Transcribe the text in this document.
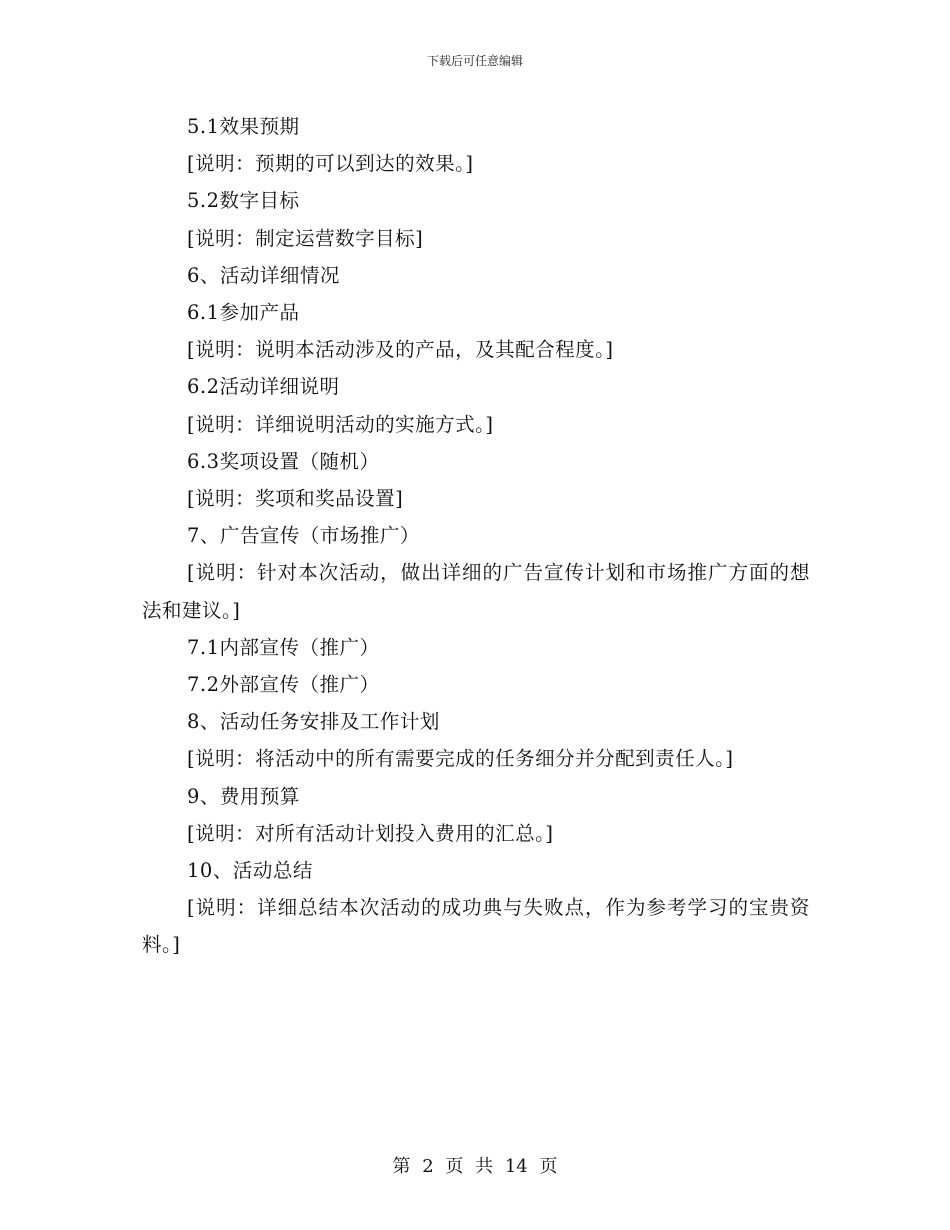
下载后可任意编辑
5.1效果预期
[说明：预期的可以到达的效果。]
5.2数字目标
[说明：制定运营数字目标]
6、活动详细情况
6.1参加产品
[说明：说明本活动涉及的产品，及其配合程度。]
6.2活动详细说明
[说明：详细说明活动的实施方式。]
6.3奖项设置（随机）
[说明：奖项和奖品设置]
7、广告宣传（市场推广）
[说明：针对本次活动，做出详细的广告宣传计划和市场推广方面的想法和建议。]
7.1内部宣传（推广）
7.2外部宣传（推广）
8、活动任务安排及工作计划
[说明：将活动中的所有需要完成的任务细分并分配到责任人。]
9、费用预算
[说明：对所有活动计划投入费用的汇总。]
10、活动总结
[说明：详细总结本次活动的成功典与失败点，作为参考学习的宝贵资料。]
第 2 页 共 14 页
